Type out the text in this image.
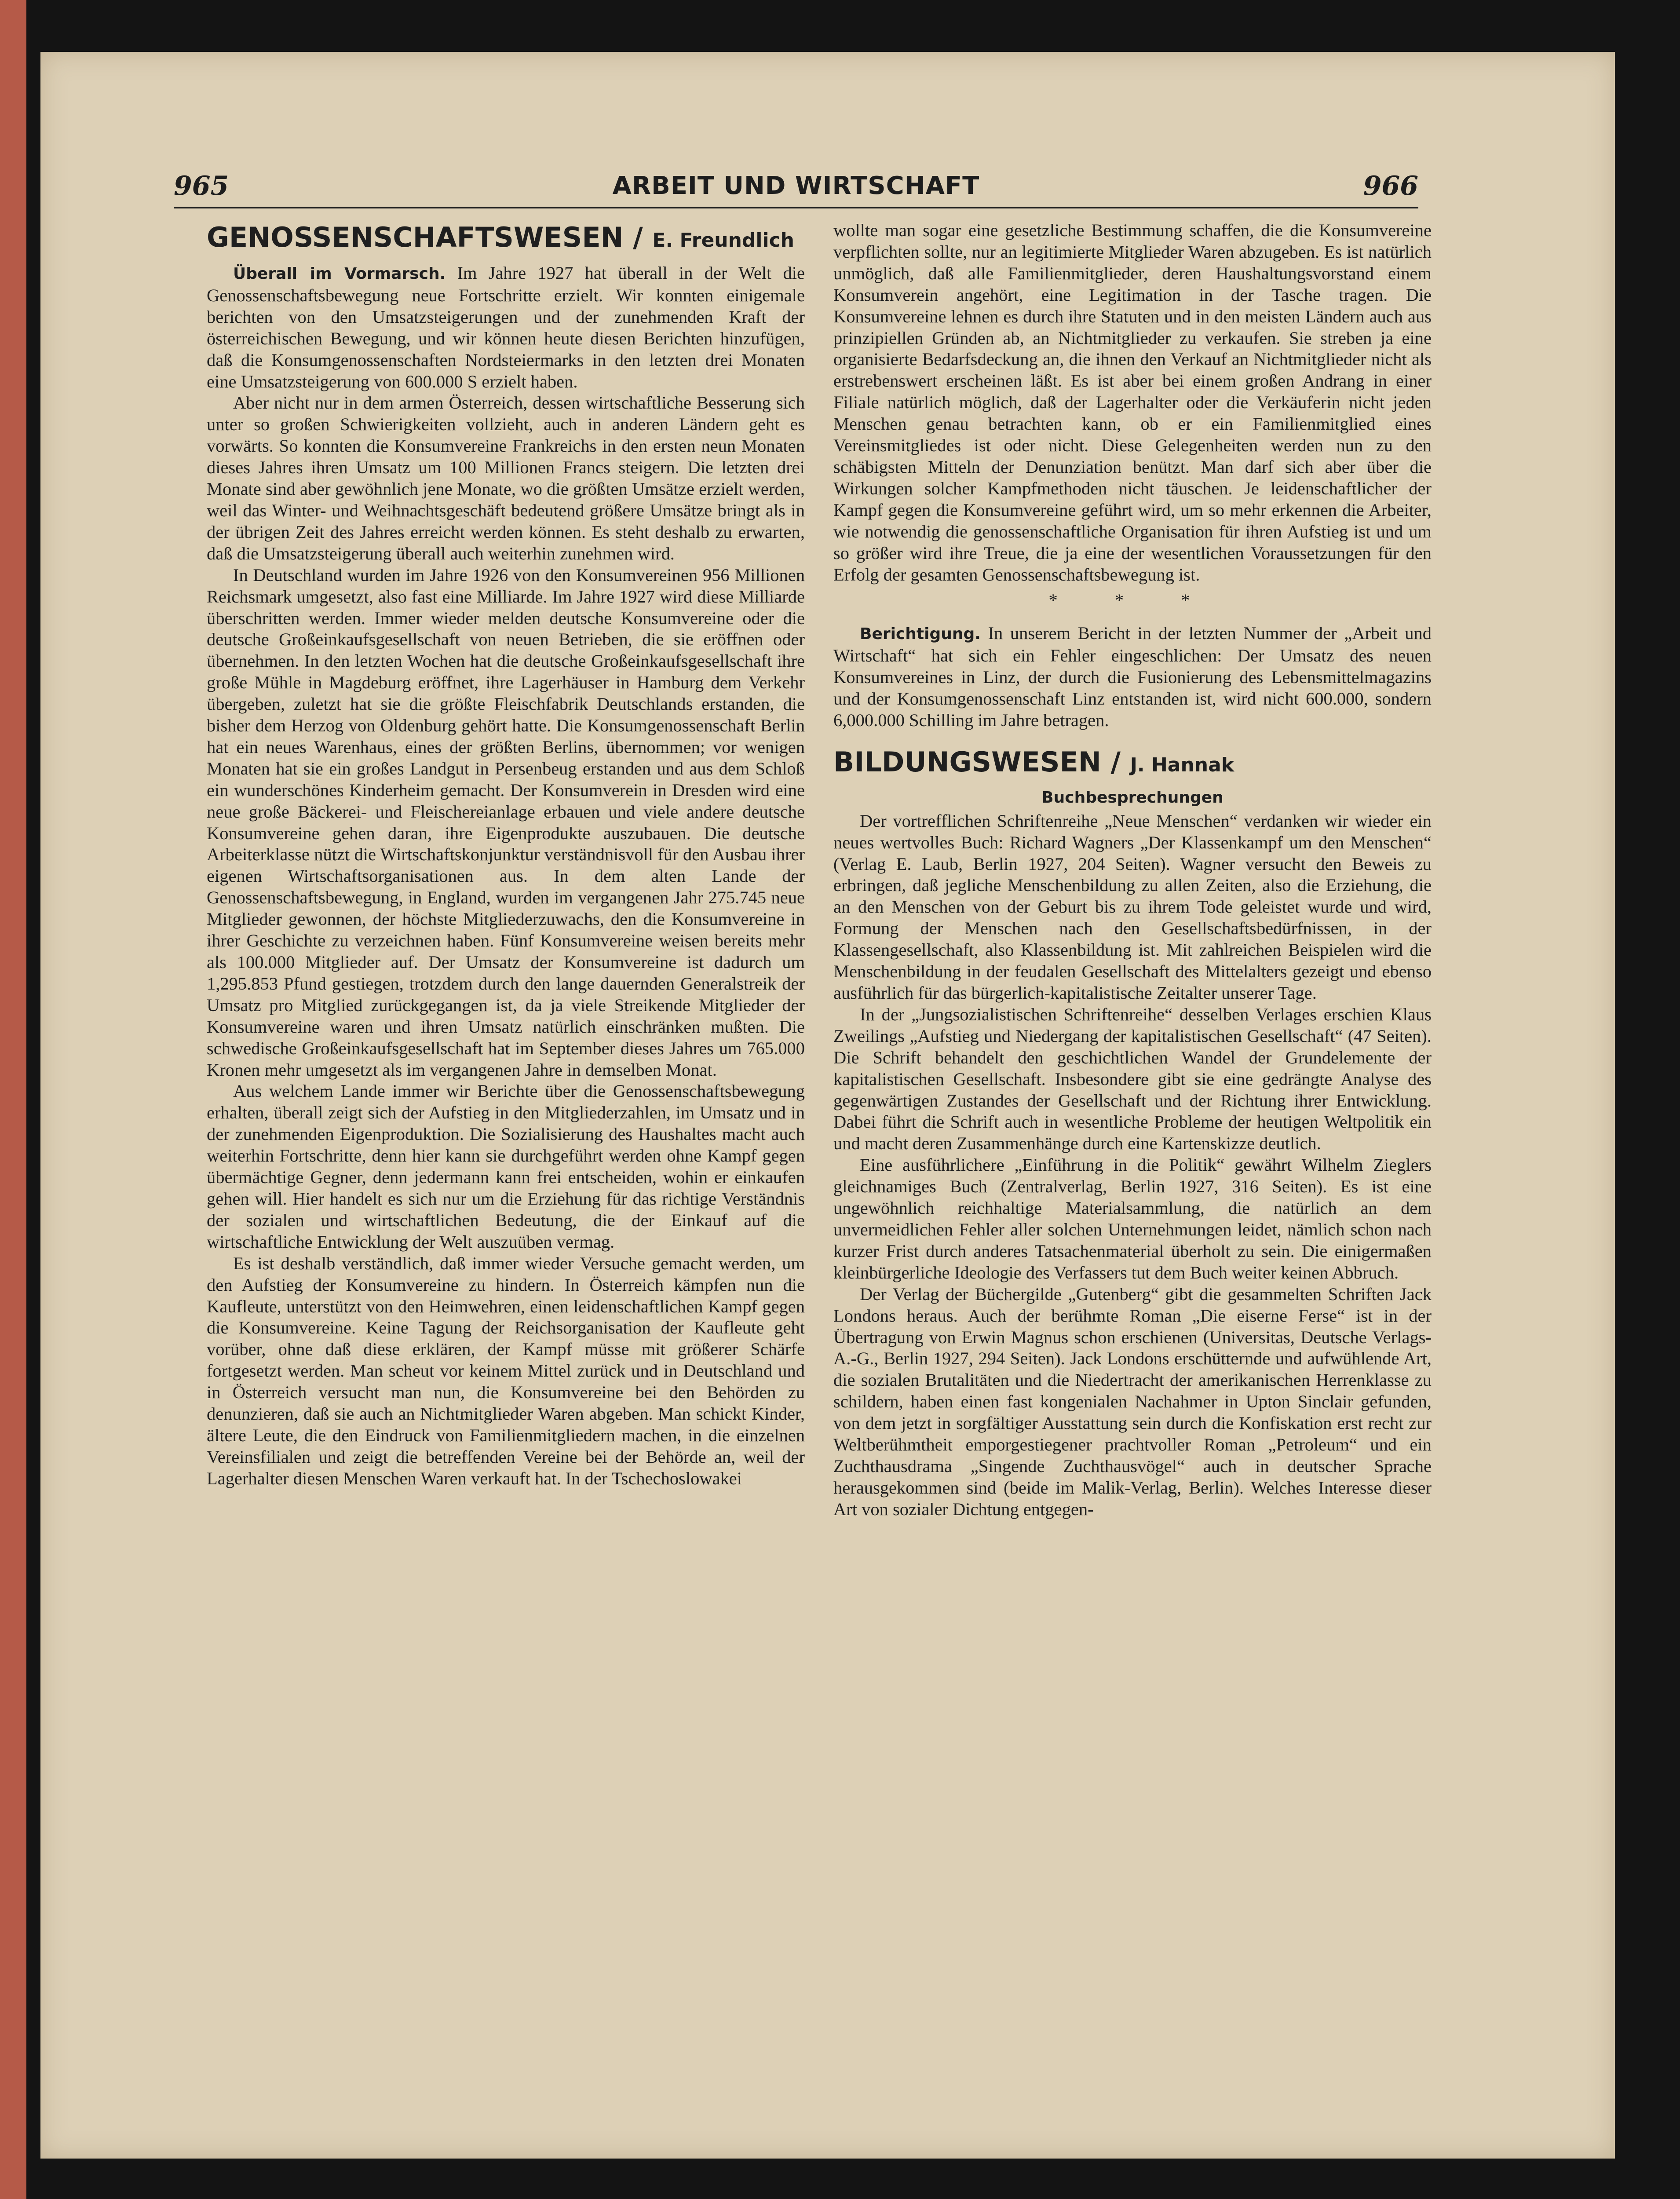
965	ARBEIT UND WIRTSCHAFT	966
GENOSSENSCHAFTSWESEN / E. Freundlich

Überall im Vormarsch. Im Jahre 1927 hat überall in der Welt die Genossenschaftsbewegung neue Fortschritte erzielt. Wir konnten einigemale berichten von den Umsatzsteigerungen und der zunehmenden Kraft der österreichischen Bewegung, und wir können heute diesen Berichten hinzufügen, daß die Konsumgenossenschaften Nordsteiermarks in den letzten drei Monaten eine Umsatzsteigerung von 600.000 S erzielt haben.

Aber nicht nur in dem armen Österreich, dessen wirtschaftliche Besserung sich unter so großen Schwierigkeiten vollzieht, auch in anderen Ländern geht es vorwärts. So konnten die Konsumvereine Frankreichs in den ersten neun Monaten dieses Jahres ihren Umsatz um 100 Millionen Francs steigern. Die letzten drei Monate sind aber gewöhnlich jene Monate, wo die größten Umsätze erzielt werden, weil das Winter- und Weihnachtsgeschäft bedeutend größere Umsätze bringt als in der übrigen Zeit des Jahres erreicht werden können. Es steht deshalb zu erwarten, daß die Umsatzsteigerung überall auch weiterhin zunehmen wird.

In Deutschland wurden im Jahre 1926 von den Konsumvereinen 956 Millionen Reichsmark umgesetzt, also fast eine Milliarde. Im Jahre 1927 wird diese Milliarde überschritten werden. Immer wieder melden deutsche Konsumvereine oder die deutsche Großeinkaufsgesellschaft von neuen Betrieben, die sie eröffnen oder übernehmen. In den letzten Wochen hat die deutsche Großeinkaufsgesellschaft ihre große Mühle in Magdeburg eröffnet, ihre Lagerhäuser in Hamburg dem Verkehr übergeben, zuletzt hat sie die größte Fleischfabrik Deutschlands erstanden, die bisher dem Herzog von Oldenburg gehört hatte. Die Konsumgenossenschaft Berlin hat ein neues Warenhaus, eines der größten Berlins, übernommen; vor wenigen Monaten hat sie ein großes Landgut in Persenbeug erstanden und aus dem Schloß ein wunderschönes Kinderheim gemacht. Der Konsumverein in Dresden wird eine neue große Bäckerei- und Fleischereianlage erbauen und viele andere deutsche Konsumvereine gehen daran, ihre Eigenprodukte auszubauen. Die deutsche Arbeiterklasse nützt die Wirtschaftskonjunktur verständnisvoll für den Ausbau ihrer eigenen Wirtschaftsorganisationen aus. In dem alten Lande der Genossenschaftsbewegung, in England, wurden im vergangenen Jahr 275.745 neue Mitglieder gewonnen, der höchste Mitgliederzuwachs, den die Konsumvereine in ihrer Geschichte zu verzeichnen haben. Fünf Konsumvereine weisen bereits mehr als 100.000 Mitglieder auf. Der Umsatz der Konsumvereine ist dadurch um 1,295.853 Pfund gestiegen, trotzdem durch den lange dauernden Generalstreik der Umsatz pro Mitglied zurückgegangen ist, da ja viele Streikende Mitglieder der Konsumvereine waren und ihren Umsatz natürlich einschränken mußten. Die schwedische Großeinkaufsgesellschaft hat im September dieses Jahres um 765.000 Kronen mehr umgesetzt als im vergangenen Jahre in demselben Monat.

Aus welchem Lande immer wir Berichte über die Genossenschaftsbewegung erhalten, überall zeigt sich der Aufstieg in den Mitgliederzahlen, im Umsatz und in der zunehmenden Eigenproduktion. Die Sozialisierung des Haushaltes macht auch weiterhin Fortschritte, denn hier kann sie durchgeführt werden ohne Kampf gegen übermächtige Gegner, denn jedermann kann frei entscheiden, wohin er einkaufen gehen will. Hier handelt es sich nur um die Erziehung für das richtige Verständnis der sozialen und wirtschaftlichen Bedeutung, die der Einkauf auf die wirtschaftliche Entwicklung der Welt auszuüben vermag.

Es ist deshalb verständlich, daß immer wieder Versuche gemacht werden, um den Aufstieg der Konsumvereine zu hindern. In Österreich kämpfen nun die Kaufleute, unterstützt von den Heimwehren, einen leidenschaftlichen Kampf gegen die Konsumvereine. Keine Tagung der Reichsorganisation der Kaufleute geht vorüber, ohne daß diese erklären, der Kampf müsse mit größerer Schärfe fortgesetzt werden. Man scheut vor keinem Mittel zurück und in Deutschland und in Österreich versucht man nun, die Konsumvereine bei den Behörden zu denunzieren, daß sie auch an Nichtmitglieder Waren abgeben. Man schickt Kinder, ältere Leute, die den Eindruck von Familienmitgliedern machen, in die einzelnen Vereinsfilialen und zeigt die betreffenden Vereine bei der Behörde an, weil der Lagerhalter diesen Menschen Waren verkauft hat. In der Tschechoslowakei

wollte man sogar eine gesetzliche Bestimmung schaffen, die die Konsumvereine verpflichten sollte, nur an legitimierte Mitglieder Waren abzugeben. Es ist natürlich unmöglich, daß alle Familienmitglieder, deren Haushaltungsvorstand einem Konsumverein angehört, eine Legitimation in der Tasche tragen. Die Konsumvereine lehnen es durch ihre Statuten und in den meisten Ländern auch aus prinzipiellen Gründen ab, an Nichtmitglieder zu verkaufen. Sie streben ja eine organisierte Bedarfsdeckung an, die ihnen den Verkauf an Nichtmitglieder nicht als erstrebenswert erscheinen läßt. Es ist aber bei einem großen Andrang in einer Filiale natürlich möglich, daß der Lagerhalter oder die Verkäuferin nicht jeden Menschen genau betrachten kann, ob er ein Familienmitglied eines Vereinsmitgliedes ist oder nicht. Diese Gelegenheiten werden nun zu den schäbigsten Mitteln der Denunziation benützt. Man darf sich aber über die Wirkungen solcher Kampfmethoden nicht täuschen. Je leidenschaftlicher der Kampf gegen die Konsumvereine geführt wird, um so mehr erkennen die Arbeiter, wie notwendig die genossenschaftliche Organisation für ihren Aufstieg ist und um so größer wird ihre Treue, die ja eine der wesentlichen Voraussetzungen für den Erfolg der gesamten Genossenschaftsbewegung ist.

* * *

Berichtigung. In unserem Bericht in der letzten Nummer der „Arbeit und Wirtschaft“ hat sich ein Fehler eingeschlichen: Der Umsatz des neuen Konsumvereines in Linz, der durch die Fusionierung des Lebensmittelmagazins und der Konsumgenossenschaft Linz entstanden ist, wird nicht 600.000, sondern 6,000.000 Schilling im Jahre betragen.

BILDUNGSWESEN / J. Hannak
Buchbesprechungen

Der vortrefflichen Schriftenreihe „Neue Menschen“ verdanken wir wieder ein neues wertvolles Buch: Richard Wagners „Der Klassenkampf um den Menschen“ (Verlag E. Laub, Berlin 1927, 204 Seiten). Wagner versucht den Beweis zu erbringen, daß jegliche Menschenbildung zu allen Zeiten, also die Erziehung, die an den Menschen von der Geburt bis zu ihrem Tode geleistet wurde und wird, Formung der Menschen nach den Gesellschaftsbedürfnissen, in der Klassengesellschaft, also Klassenbildung ist. Mit zahlreichen Beispielen wird die Menschenbildung in der feudalen Gesellschaft des Mittelalters gezeigt und ebenso ausführlich für das bürgerlich-kapitalistische Zeitalter unserer Tage.

In der „Jungsozialistischen Schriftenreihe“ desselben Verlages erschien Klaus Zweilings „Aufstieg und Niedergang der kapitalistischen Gesellschaft“ (47 Seiten). Die Schrift behandelt den geschichtlichen Wandel der Grundelemente der kapitalistischen Gesellschaft. Insbesondere gibt sie eine gedrängte Analyse des gegenwärtigen Zustandes der Gesellschaft und der Richtung ihrer Entwicklung. Dabei führt die Schrift auch in wesentliche Probleme der heutigen Weltpolitik ein und macht deren Zusammenhänge durch eine Kartenskizze deutlich.

Eine ausführlichere „Einführung in die Politik“ gewährt Wilhelm Zieglers gleichnamiges Buch (Zentralverlag, Berlin 1927, 316 Seiten). Es ist eine ungewöhnlich reichhaltige Materialsammlung, die natürlich an dem unvermeidlichen Fehler aller solchen Unternehmungen leidet, nämlich schon nach kurzer Frist durch anderes Tatsachenmaterial überholt zu sein. Die einigermaßen kleinbürgerliche Ideologie des Verfassers tut dem Buch weiter keinen Abbruch.

Der Verlag der Büchergilde „Gutenberg“ gibt die gesammelten Schriften Jack Londons heraus. Auch der berühmte Roman „Die eiserne Ferse“ ist in der Übertragung von Erwin Magnus schon erschienen (Universitas, Deutsche Verlags-A.-G., Berlin 1927, 294 Seiten). Jack Londons erschütternde und aufwühlende Art, die sozialen Brutalitäten und die Niedertracht der amerikanischen Herrenklasse zu schildern, haben einen fast kongenialen Nachahmer in Upton Sinclair gefunden, von dem jetzt in sorgfältiger Ausstattung sein durch die Konfiskation erst recht zur Weltberühmtheit emporgestiegener prachtvoller Roman „Petroleum“ und ein Zuchthausdrama „Singende Zuchthausvögel“ auch in deutscher Sprache herausgekommen sind (beide im Malik-Verlag, Berlin). Welches Interesse dieser Art von sozialer Dichtung entgegen-
